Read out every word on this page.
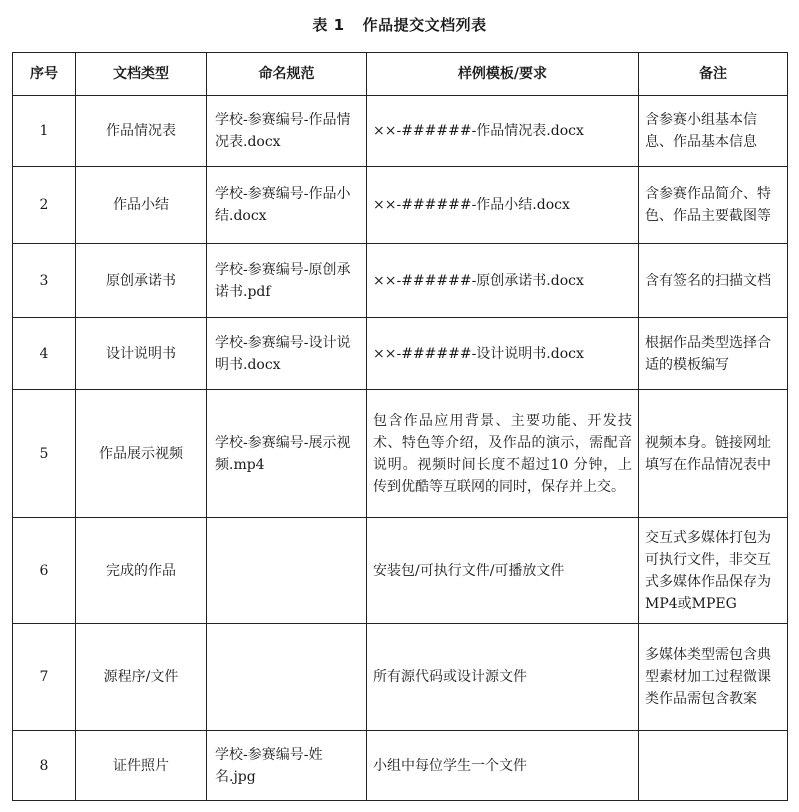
表 1 作品提交文档列表
序号	文档类型	命名规范	样例模板/要求	备注
1	作品情况表	学校-参赛编号-作品情况表.docx	××-######-作品情况表.docx	含参赛小组基本信息、作品基本信息
2	作品小结	学校-参赛编号-作品小结.docx	××-######-作品小结.docx	含参赛作品简介、特色、作品主要截图等
3	原创承诺书	学校-参赛编号-原创承诺书.pdf	××-######-原创承诺书.docx	含有签名的扫描文档
4	设计说明书	学校-参赛编号-设计说明书.docx	××-######-设计说明书.docx	根据作品类型选择合适的模板编写
5	作品展示视频	学校-参赛编号-展示视频.mp4	包含作品应用背景、主要功能、开发技术、特色等介绍，及作品的演示，需配音说明。视频时间长度不超过10 分钟，上传到优酷等互联网的同时，保存并上交。	视频本身。链接网址填写在作品情况表中
6	完成的作品		安装包/可执行文件/可播放文件	交互式多媒体打包为可执行文件，非交互式多媒体作品保存为MP4或MPEG
7	源程序/文件		所有源代码或设计源文件	多媒体类型需包含典型素材加工过程微课类作品需包含教案
8	证件照片	学校-参赛编号-姓名.jpg	小组中每位学生一个文件	
